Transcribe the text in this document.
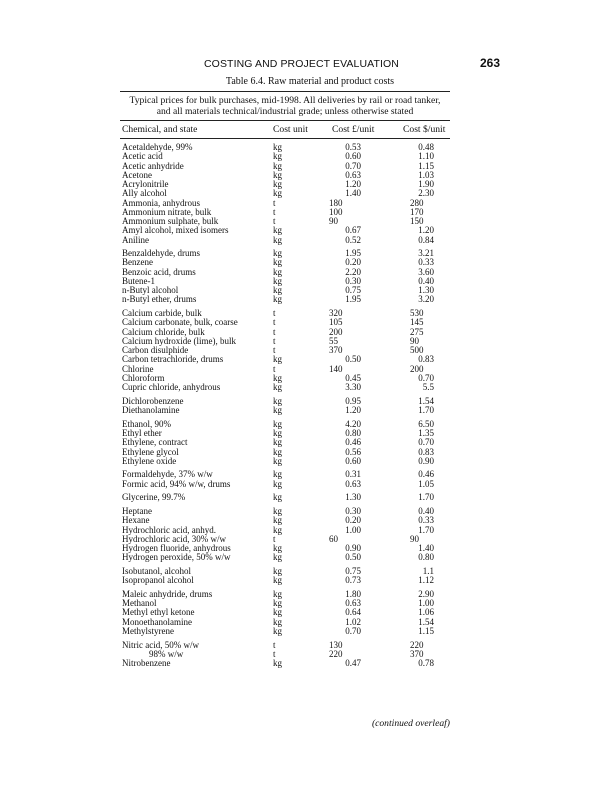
COSTING AND PROJECT EVALUATION	263
Table 6.4. Raw material and product costs
Typical prices for bulk purchases, mid-1998. All deliveries by rail or road tanker,
and all materials technical/industrial grade; unless otherwise stated
Chemical, and state	Cost unit	Cost £/unit	Cost $/unit
Acetaldehyde, 99%	kg	0.53	0.48
Acetic acid	kg	0.60	1.10
Acetic anhydride	kg	0.70	1.15
Acetone	kg	0.63	1.03
Acrylonitrile	kg	1.20	1.90
Ally alcohol	kg	1.40	2.30
Ammonia, anhydrous	t	180	280
Ammonium nitrate, bulk	t	100	170
Ammonium sulphate, bulk	t	90	150
Amyl alcohol, mixed isomers	kg	0.67	1.20
Aniline	kg	0.52	0.84
Benzaldehyde, drums	kg	1.95	3.21
Benzene	kg	0.20	0.33
Benzoic acid, drums	kg	2.20	3.60
Butene-1	kg	0.30	0.40
n-Butyl alcohol	kg	0.75	1.30
n-Butyl ether, drums	kg	1.95	3.20
Calcium carbide, bulk	t	320	530
Calcium carbonate, bulk, coarse	t	105	145
Calcium chloride, bulk	t	200	275
Calcium hydroxide (lime), bulk	t	55	90
Carbon disulphide	t	370	500
Carbon tetrachloride, drums	kg	0.50	0.83
Chlorine	t	140	200
Chloroform	kg	0.45	0.70
Cupric chloride, anhydrous	kg	3.30	5.5
Dichlorobenzene	kg	0.95	1.54
Diethanolamine	kg	1.20	1.70
Ethanol, 90%	kg	4.20	6.50
Ethyl ether	kg	0.80	1.35
Ethylene, contract	kg	0.46	0.70
Ethylene glycol	kg	0.56	0.83
Ethylene oxide	kg	0.60	0.90
Formaldehyde, 37% w/w	kg	0.31	0.46
Formic acid, 94% w/w, drums	kg	0.63	1.05
Glycerine, 99.7%	kg	1.30	1.70
Heptane	kg	0.30	0.40
Hexane	kg	0.20	0.33
Hydrochloric acid, anhyd.	kg	1.00	1.70
Hydrochloric acid, 30% w/w	t	60	90
Hydrogen fluoride, anhydrous	kg	0.90	1.40
Hydrogen peroxide, 50% w/w	kg	0.50	0.80
Isobutanol, alcohol	kg	0.75	1.1
Isopropanol alcohol	kg	0.73	1.12
Maleic anhydride, drums	kg	1.80	2.90
Methanol	kg	0.63	1.00
Methyl ethyl ketone	kg	0.64	1.06
Monoethanolamine	kg	1.02	1.54
Methylstyrene	kg	0.70	1.15
Nitric acid, 50% w/w	t	130	220
98% w/w	t	220	370
Nitrobenzene	kg	0.47	0.78
(continued overleaf)
